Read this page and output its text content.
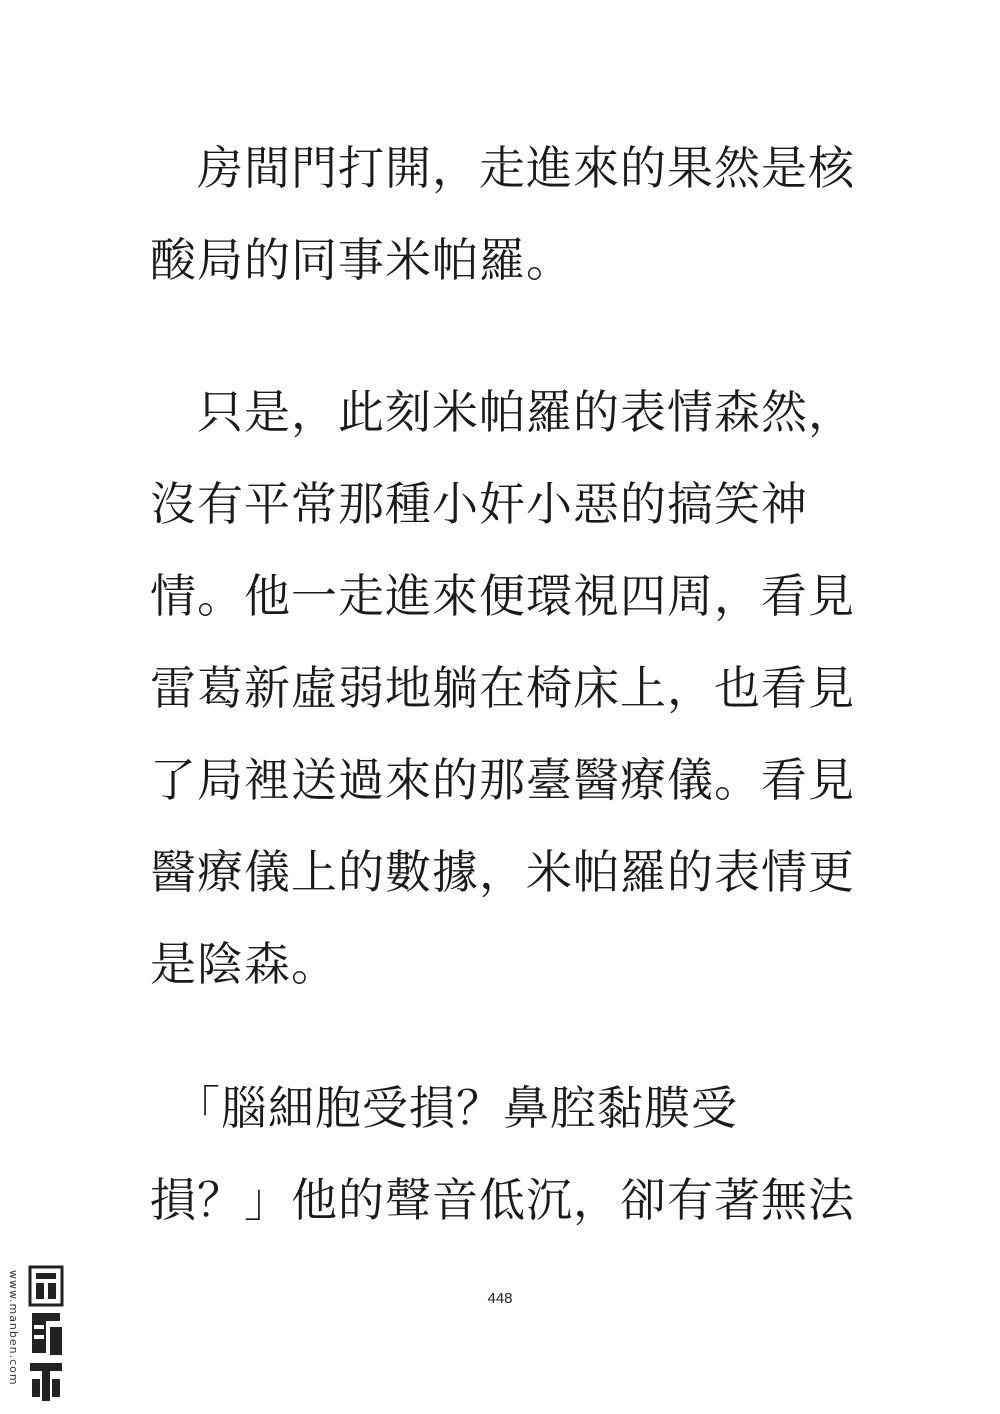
　房間門打開，走進來的果然是核
酸局的同事米帕羅。
　只是，此刻米帕羅的表情森然，
沒有平常那種小奸小惡的搞笑神
情。他一走進來便環視四周，看見
雷葛新虛弱地躺在椅床上，也看見
了局裡送過來的那臺醫療儀。看見
醫療儀上的數據，米帕羅的表情更
是陰森。
　「腦細胞受損？鼻腔黏膜受
損？」他的聲音低沉，卻有著無法
448
www.manben.com
